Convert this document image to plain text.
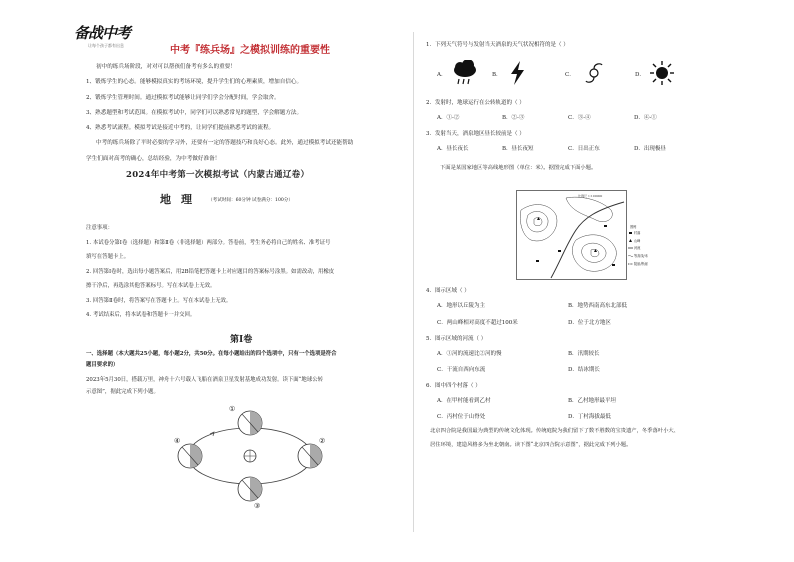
备战中考
让每个孩子都有出息	中考『练兵场』之模拟训练的重要性

初中的练兵场阶段，对对可以帮孩们备考有多么的重要！

1、锻炼学生的心态。能够模拟真实的考场环境，提升学生们的心理素质，增加自信心。

2、锻炼学生管理时间。通过模拟考试能够让同学们学会分配时间，学会取舍。

3、熟悉题型和考试范围。在模拟考试中，同学们可以熟悉常见的题型，学会解题方法。

4、熟悉考试流程。模拟考试是接近中考的，让同学们提前熟悉考试的流程。

中考的练兵场除了平时必要的学习外，还要有一定的答题技巧和良好心态。此外，通过模拟考试还能帮助

学生们面对高考的确心，总结经验，为中考做好准备！

2024年中考第一次模拟考试（内蒙古通辽卷）
地理 （考试时间：60分钟 试卷满分：100分）

注意事项：

1. 本试卷分第Ⅰ卷（选择题）和第Ⅱ卷（非选择题）两部分。答卷前，考生务必将自己的姓名、准考证号

填写在答题卡上。

2. 回答第Ⅰ卷时，选出每小题答案后，用2B铅笔把答题卡上对应题目的答案标号涂黑。如需改动，用橡皮

擦干净后，再选涂其他答案标号。写在本试卷上无效。

3. 回答第Ⅱ卷时，将答案写在答题卡上。写在本试卷上无效。

4. 考试结束后，将本试卷和答题卡一并交回。

第Ⅰ卷

一、选择题（本大题共25小题，每小题2分，共50分。在每小题给出的四个选项中，只有一个选项是符合

题目要求的）

2023年5月30日，搭载万里，神舟十六号载人飞船在酒泉卫星发射基地成功发射。读下面“地球公转

示意图”，据此完成下列小题。

①
②
③
④
1．下列天气符号与发射当天酒泉的天气状况相符的是（ ）
A．	B．	C．	D．
2．发射时，地球运行在公转轨道的（ ）
A．①-②	B．②-③	C．③-④	D．④-①
3．发射当天，酒泉地区昼长较前是（ ）
A．昼长夜长	B．昼长夜短	C．日出正东	D．出现极昼
下面是某国家地区等高线地形图（单位：米）。据图完成下面小题。
比例尺 1:100000
图例
村落
山峰
河流
等高线/米
陡崖/断崖
4．图示区域（ ）
A．地形以丘陵为主	B．地势西南高东北部低
C．两山峰相对高度不超过100米	D．位于北方地区
5．图示区域的河流（ ）
A．①河的流速比②河的慢	B．汛期较长
C．干流自西向东流	D．结冰期长
6．图中四个村落（ ）
A．在甲村能看到乙村	B．乙村地形最平坦
C．丙村位于山脊处	D．丁村海拔最低

北京四合院是我国最为典型的传统文化体现。传统庭院为我们留下了数不胜数的宝贵遗产，冬季落叶小大、

居住环境，建造风格多为坐北朝南。读下图“北京四合院示意图”，据此完成下列小题。
